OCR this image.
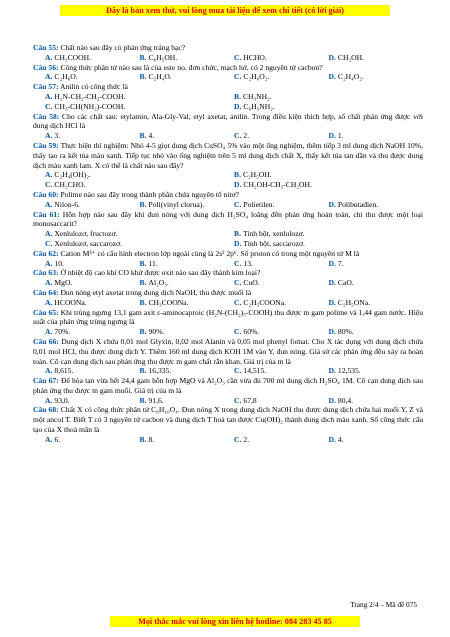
Đây là bản xem thử, vui lòng mua tài liệu để xem chi tiết (có lời giải)
Câu 55: Chất nào sau đây có phản ứng tráng bạc?
A. CH₃COOH.	B. C₆H₅OH.	C. HCHO.	D. CH₃OH.
Câu 56: Công thức phân tử nào sau là của este no, đơn chức, mạch hở, có 2 nguyên tử cacbon?
A. C₂H₆O.	B. C₂H₄O.	C. C₂H₆O₂.	D. C₂H₄O₂.
Câu 57: Anilin có công thức là
A. H₂N-CH₂-CH₂-COOH.	B. CH₃NH₂.
C. CH₃-CH(NH₂)-COOH.	D. C₆H₅NH₂.
Câu 58: Cho các chất sau: etylamin, Ala-Gly-Val, etyl axetat, anilin. Trong điều kiện thích hợp, số chất phản ứng được với dung dịch HCl là
A. 3.	B. 4.	C. 2.	D. 1.
Câu 59: Thực hiện thí nghiệm: Nhỏ 4-5 giọt dung dịch CuSO₄ 5% vào một ống nghiệm, thêm tiếp 3 ml dung dịch NaOH 10%, thấy tạo ra kết tủa màu xanh. Tiếp tục nhỏ vào ống nghiệm trên 5 ml dung dịch chất X, thấy kết tủa tan dần và thu được dung dịch màu xanh lam. X có thể là chất nào sau đây?
A. C₂H₄(OH)₂.	B. C₂H₅OH.
C. CH₃CHO.	D. CH₂OH-CH₂-CH₂OH.
Câu 60: Polime nào sau đây trong thành phần chứa nguyên tố nitơ?
A. Nilon-6.	B. Poli(vinyl clorua).	C. Polietilen.	D. Polibutađien.
Câu 61: Hỗn hợp nào sau đây khi đun nóng với dung dịch H₂SO₄ loãng đến phản ứng hoàn toàn, chỉ thu được một loại monosaccarit?
A. Xenlulozơ, fructozơ.	B. Tinh bột, xenlulozơ.
C. Xenlulozơ, saccarozơ.	D. Tinh bột, saccarozơ.
Câu 62: Cation M³⁺ có cấu hình electron lớp ngoài cùng là 2s² 2p⁶. Số proton có trong một nguyên tử M là
A. 10.	B. 11.	C. 13.	D. 7.
Câu 63: Ở nhiệt độ cao khí CO khử được oxit nào sau đây thành kim loại?
A. MgO.	B. Al₂O₃.	C. CuO.	D. CaO.
Câu 64: Đun nóng etyl axetat trong dung dịch NaOH, thu được muối là
A. HCOONa.	B. CH₃COONa.	C. C₂H₅COONa.	D. C₂H₅ONa.
Câu 65: Khi trùng ngưng 13,1 gam axit ε-aminocaproic (H₂N-(CH₂)₅-COOH) thu được m gam polime và 1,44 gam nước. Hiệu suất của phản ứng trùng ngưng là
A. 70%.	B. 90%.	C. 60%.	D. 80%.
Câu 66: Dung dịch X chứa 0,01 mol Glyxin, 0,02 mol Alanin và 0,05 mol phenyl fomat. Cho X tác dụng với dung dịch chứa 0,01 mol HCl, thu được dung dịch Y. Thêm 160 ml dung dịch KOH 1M vào Y, đun nóng. Giả sử các phản ứng đều xảy ra hoàn toàn. Cô cạn dung dịch sau phản ứng thu được m gam chất rắn khan. Giá trị của m là
A. 8,615.	B. 16,335.	C. 14,515.	D. 12,535.
Câu 67: Để hòa tan vừa hết 24,4 gam hỗn hợp MgO và Al₂O₃ cần vừa đủ 700 ml dung dịch H₂SO₄ 1M. Cô cạn dung dịch sau phản ứng thu được m gam muối. Giá trị của m là
A. 93,0.	B. 91,6.	C. 67,8	D. 80,4.
Câu 68: Chất X có công thức phân tử C₆H₁₀O₄. Đun nóng X trong dung dịch NaOH thu được dung dịch chứa hai muối Y, Z và một ancol T. Biết T có 3 nguyên tử cacbon và dung dịch T hoà tan được Cu(OH)₂ thành dung dịch màu xanh. Số công thức cấu tạo của X thoả mãn là
A. 6.	B. 8.	C. 2.	D. 4.
Trang 2/4 – Mã đề 075
Mọi thắc mắc vui lòng xin liên hệ hotline: 084 283 45 85
